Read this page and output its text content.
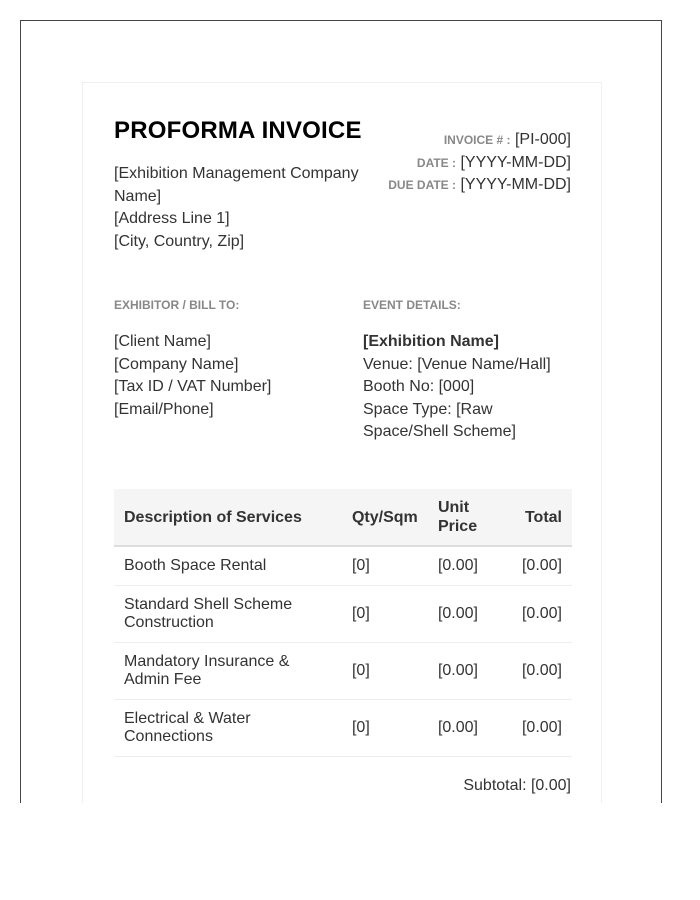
PROFORMA INVOICE
[Exhibition Management Company Name]
[Address Line 1]
[City, Country, Zip]
INVOICE # : [PI-000]
DATE : [YYYY-MM-DD]
DUE DATE : [YYYY-MM-DD]
EXHIBITOR / BILL TO:	EVENT DETAILS:
[Client Name]
[Company Name]
[Tax ID / VAT Number]
[Email/Phone]
[Exhibition Name]
Venue: [Venue Name/Hall]
Booth No: [000]
Space Type: [Raw Space/Shell Scheme]
Description of Services	Qty/Sqm	Unit Price	Total
Booth Space Rental	[0]	[0.00]	[0.00]
Standard Shell Scheme Construction	[0]	[0.00]	[0.00]
Mandatory Insurance & Admin Fee	[0]	[0.00]	[0.00]
Electrical & Water Connections	[0]	[0.00]	[0.00]
Subtotal: [0.00]
